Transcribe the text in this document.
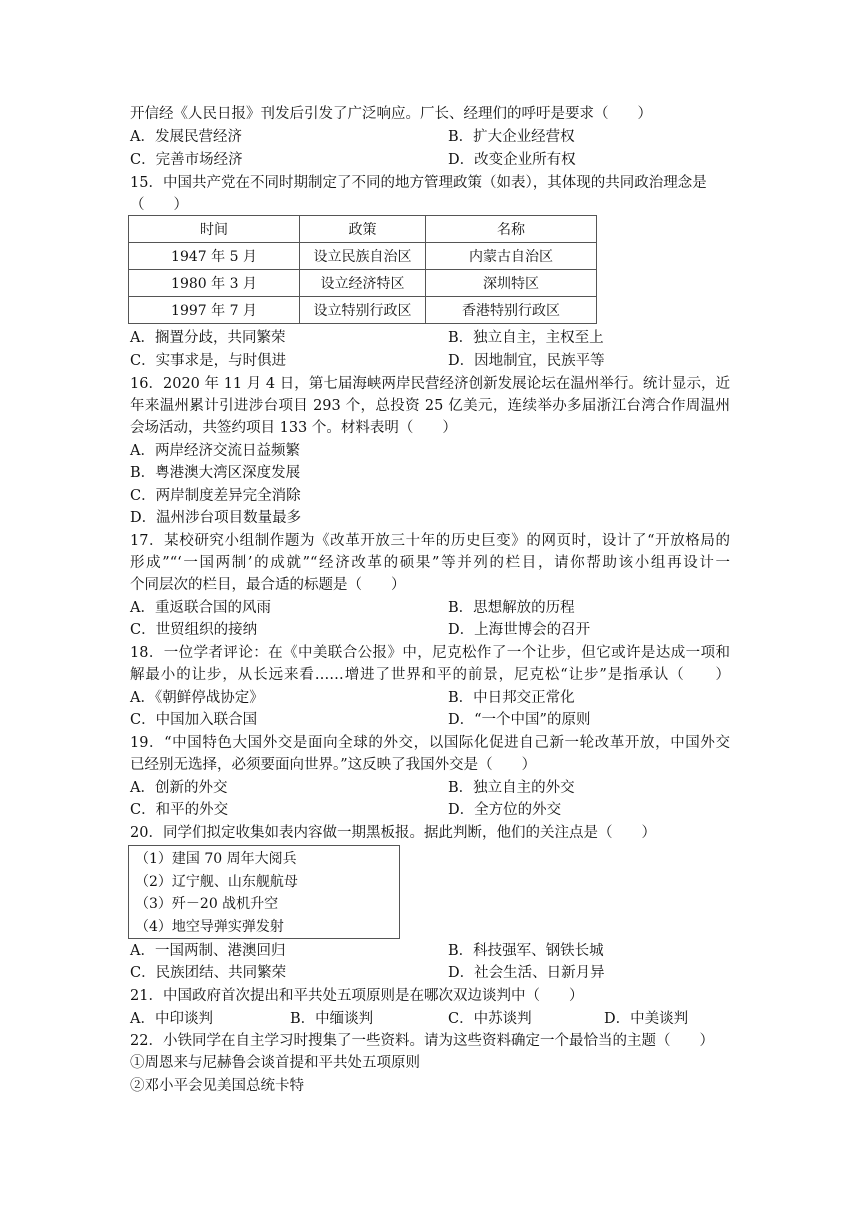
开信经《人民日报》刊发后引发了广泛响应。厂长、经理们的呼吁是要求（　　）
A．发展民营经济	B．扩大企业经营权
C．完善市场经济	D．改变企业所有权
15．中国共产党在不同时期制定了不同的地方管理政策（如表），其体现的共同政治理念是
（　　）
时间	政策	名称
1947 年 5 月	设立民族自治区	内蒙古自治区
1980 年 3 月	设立经济特区	深圳特区
1997 年 7 月	设立特别行政区	香港特别行政区
A．搁置分歧，共同繁荣	B．独立自主，主权至上
C．实事求是，与时俱进	D．因地制宜，民族平等
16．2020 年 11 月 4 日，第七届海峡两岸民营经济创新发展论坛在温州举行。统计显示，近
年来温州累计引进涉台项目 293 个，总投资 25 亿美元，连续举办多届浙江台湾合作周温州
会场活动，共签约项目 133 个。材料表明（　　）
A．两岸经济交流日益频繁
B．粤港澳大湾区深度发展
C．两岸制度差异完全消除
D．温州涉台项目数量最多
17．某校研究小组制作题为《改革开放三十年的历史巨变》的网页时，设计了“开放格局的
形成”“‘一国两制’的成就”“经济改革的硕果”等并列的栏目，请你帮助该小组再设计一
个同层次的栏目，最合适的标题是（　　）
A．重返联合国的风雨	B．思想解放的历程
C．世贸组织的接纳	D．上海世博会的召开
18．一位学者评论：在《中美联合公报》中，尼克松作了一个让步，但它或许是达成一项和
解最小的让步，从长远来看……增进了世界和平的前景，尼克松“让步”是指承认（　　）
A．《朝鲜停战协定》	B．中日邦交正常化
C．中国加入联合国	D．“一个中国”的原则
19．“中国特色大国外交是面向全球的外交，以国际化促进自己新一轮改革开放，中国外交
已经别无选择，必须要面向世界。”这反映了我国外交是（　　）
A．创新的外交	B．独立自主的外交
C．和平的外交	D．全方位的外交
20．同学们拟定收集如表内容做一期黑板报。据此判断，他们的关注点是（　　）
（1）建国 70 周年大阅兵
（2）辽宁舰、山东舰航母
（3）歼－20 战机升空
（4）地空导弹实弹发射
A．一国两制、港澳回归	B．科技强军、钢铁长城
C．民族团结、共同繁荣	D．社会生活、日新月异
21．中国政府首次提出和平共处五项原则是在哪次双边谈判中（　　）
A．中印谈判	B．中缅谈判	C．中苏谈判	D．中美谈判
22．小铁同学在自主学习时搜集了一些资料。请为这些资料确定一个最恰当的主题（　　）
①周恩来与尼赫鲁会谈首提和平共处五项原则
②邓小平会见美国总统卡特
